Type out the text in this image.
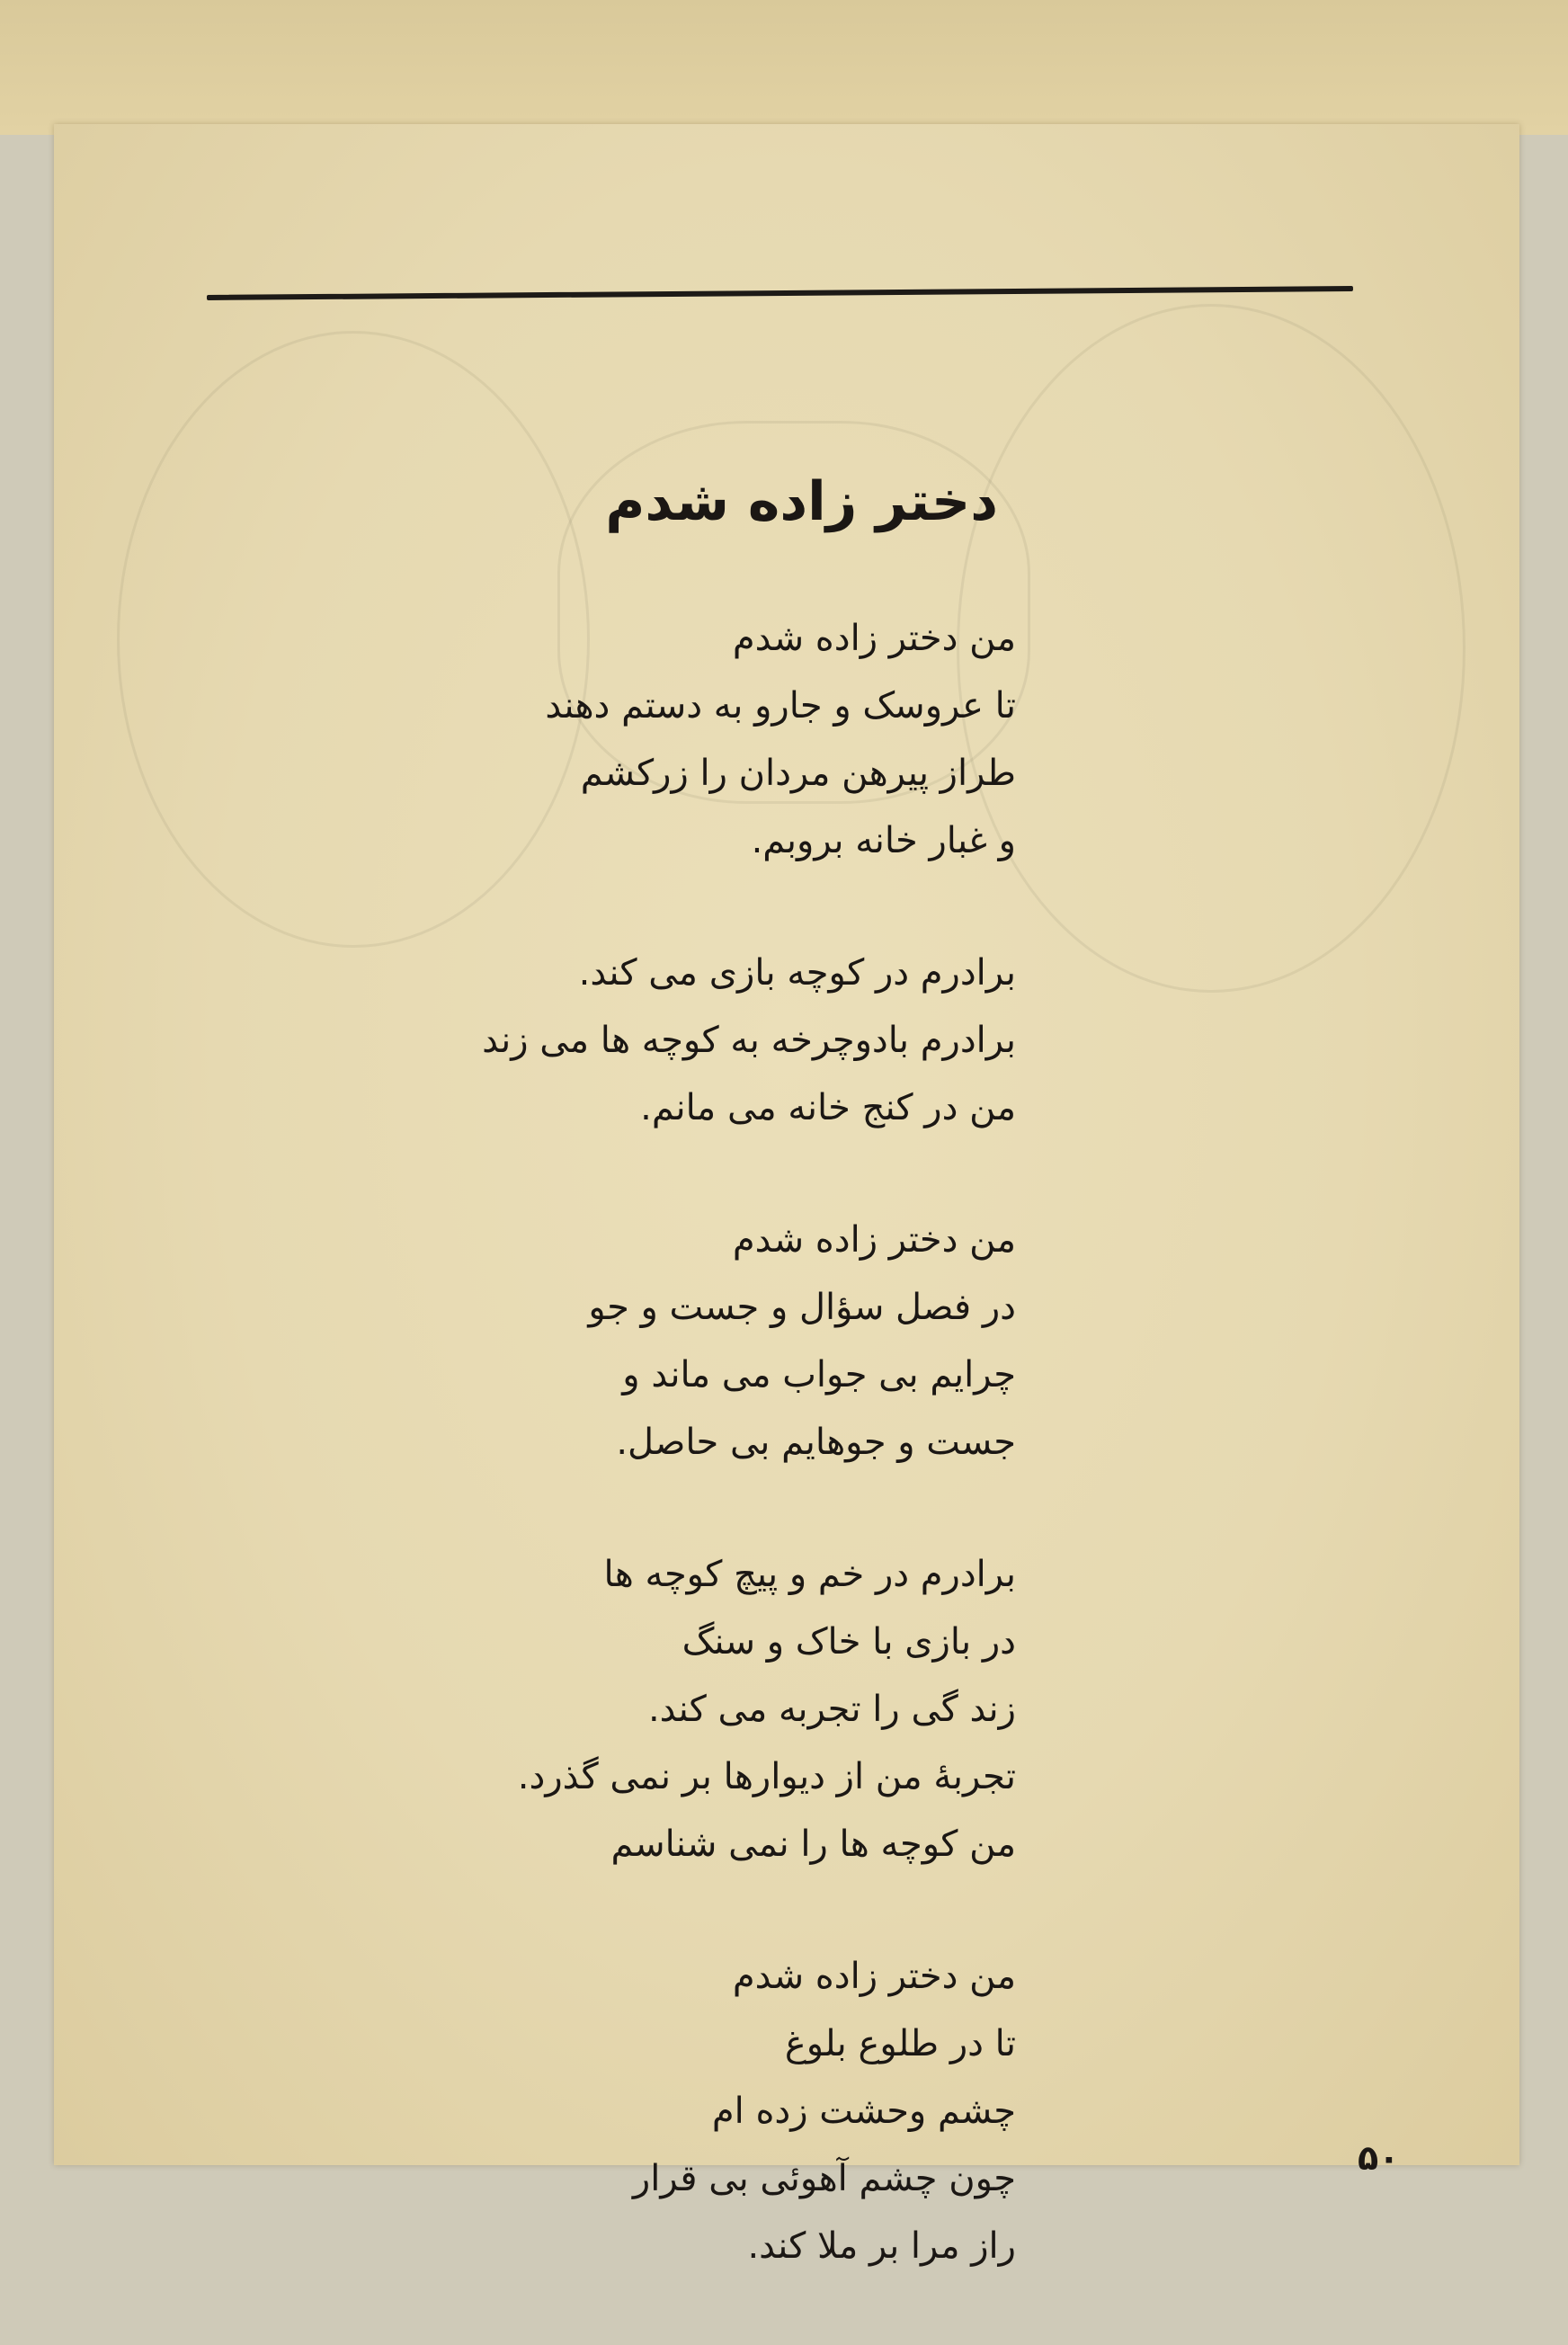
دختر زاده شدم
من دختر زاده شدم
تا عروسک و جارو به دستم دهند
طراز پیرهن مردان را زرکشم
و غبار خانه بروبم.
برادرم در کوچه بازی می کند.
برادرم بادوچرخه به کوچه ها می زند
من در کنج خانه می مانم.
من دختر زاده شدم
در فصل سؤال و جست و جو
چرایم بی جواب می ماند و
جست و جوهایم بی حاصل.
برادرم در خم و پیچ کوچه ها
در بازی با خاک و سنگ
زند گی را تجربه می کند.
تجربهٔ من از دیوارها بر نمی گذرد.
من کوچه ها را نمی شناسم
من دختر زاده شدم
تا در طلوع بلوغ
چشم وحشت زده ام
چون چشم آهوئی بی قرار
راز مرا بر ملا کند.
۵۰
